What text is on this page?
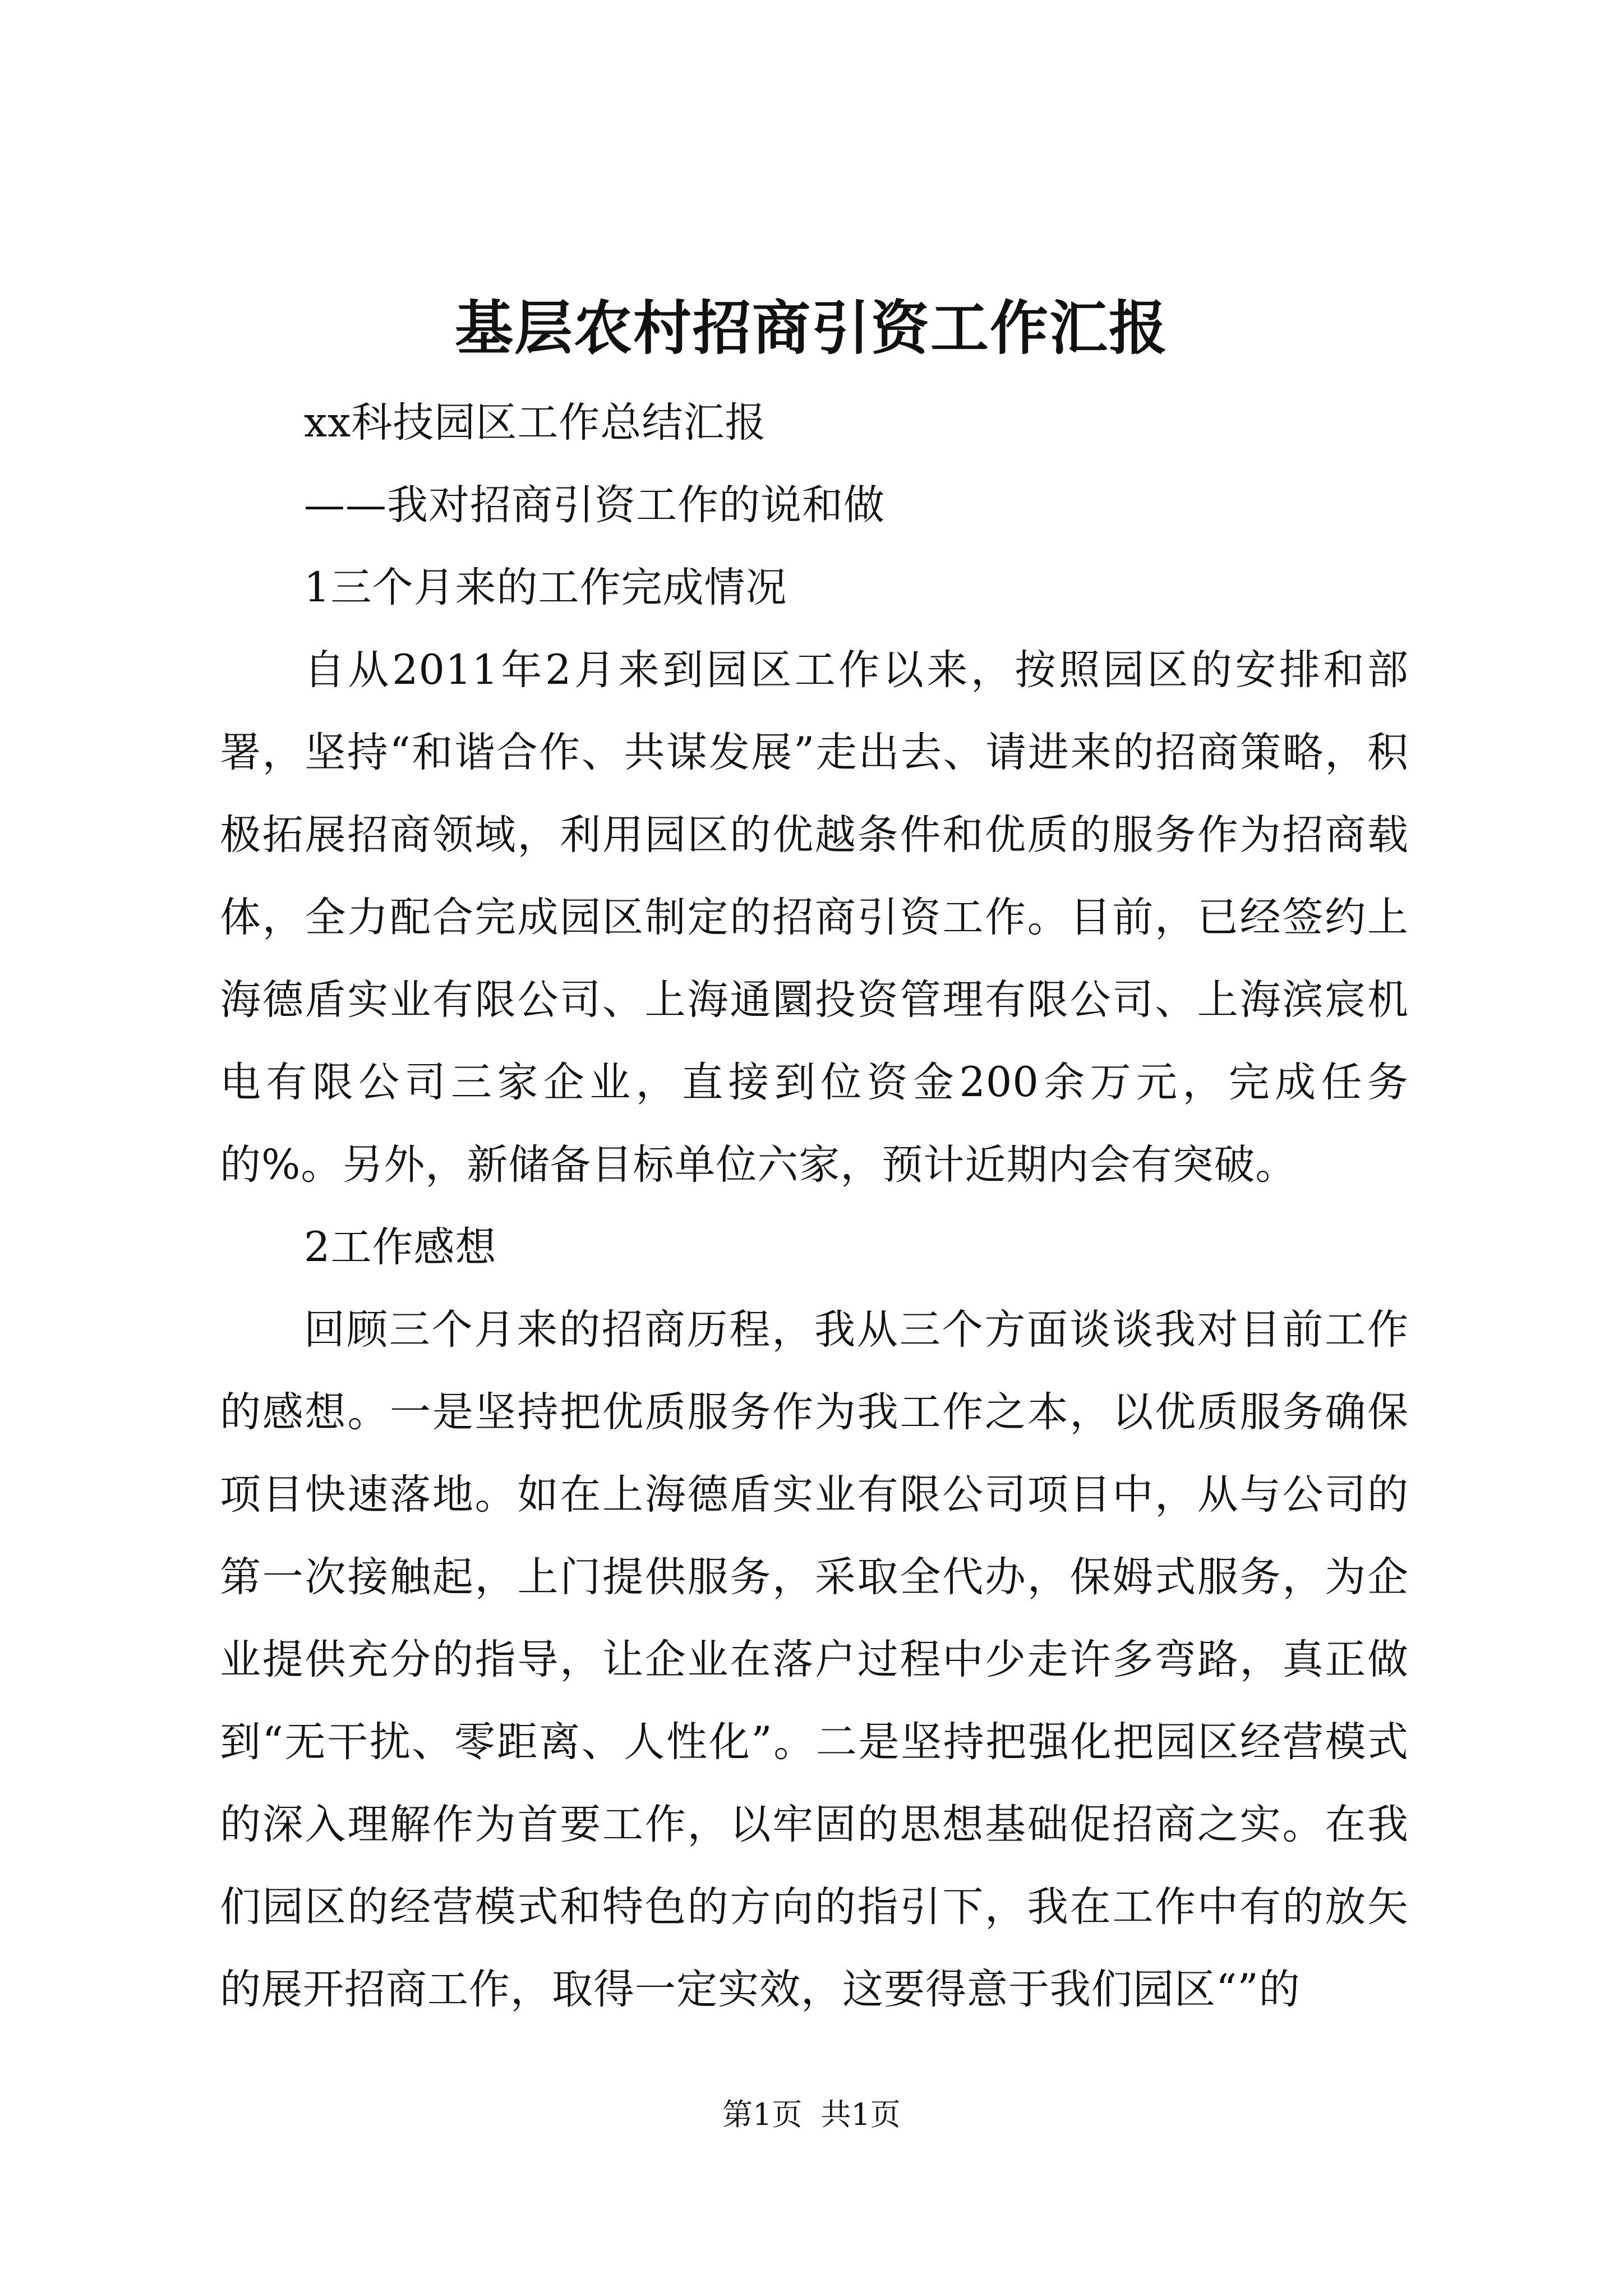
基层农村招商引资工作汇报

xx科技园区工作总结汇报

——我对招商引资工作的说和做

1三个月来的工作完成情况

自从2011年2月来到园区工作以来，按照园区的安排和部署，坚持“和谐合作、共谋发展”走出去、请进来的招商策略，积极拓展招商领域，利用园区的优越条件和优质的服务作为招商载体，全力配合完成园区制定的招商引资工作。目前，已经签约上海德盾实业有限公司、上海通圜投资管理有限公司、上海滨宸机电有限公司三家企业，直接到位资金200余万元，完成任务的%。另外，新储备目标单位六家，预计近期内会有突破。

2工作感想

回顾三个月来的招商历程，我从三个方面谈谈我对目前工作的感想。一是坚持把优质服务作为我工作之本，以优质服务确保项目快速落地。如在上海德盾实业有限公司项目中，从与公司的第一次接触起，上门提供服务，采取全代办，保姆式服务，为企业提供充分的指导，让企业在落户过程中少走许多弯路，真正做到“无干扰、零距离、人性化”。二是坚持把强化把园区经营模式的深入理解作为首要工作，以牢固的思想基础促招商之实。在我们园区的经营模式和特色的方向的指引下，我在工作中有的放矢的展开招商工作，取得一定实效，这要得意于我们园区“”的

第1页 共1页
